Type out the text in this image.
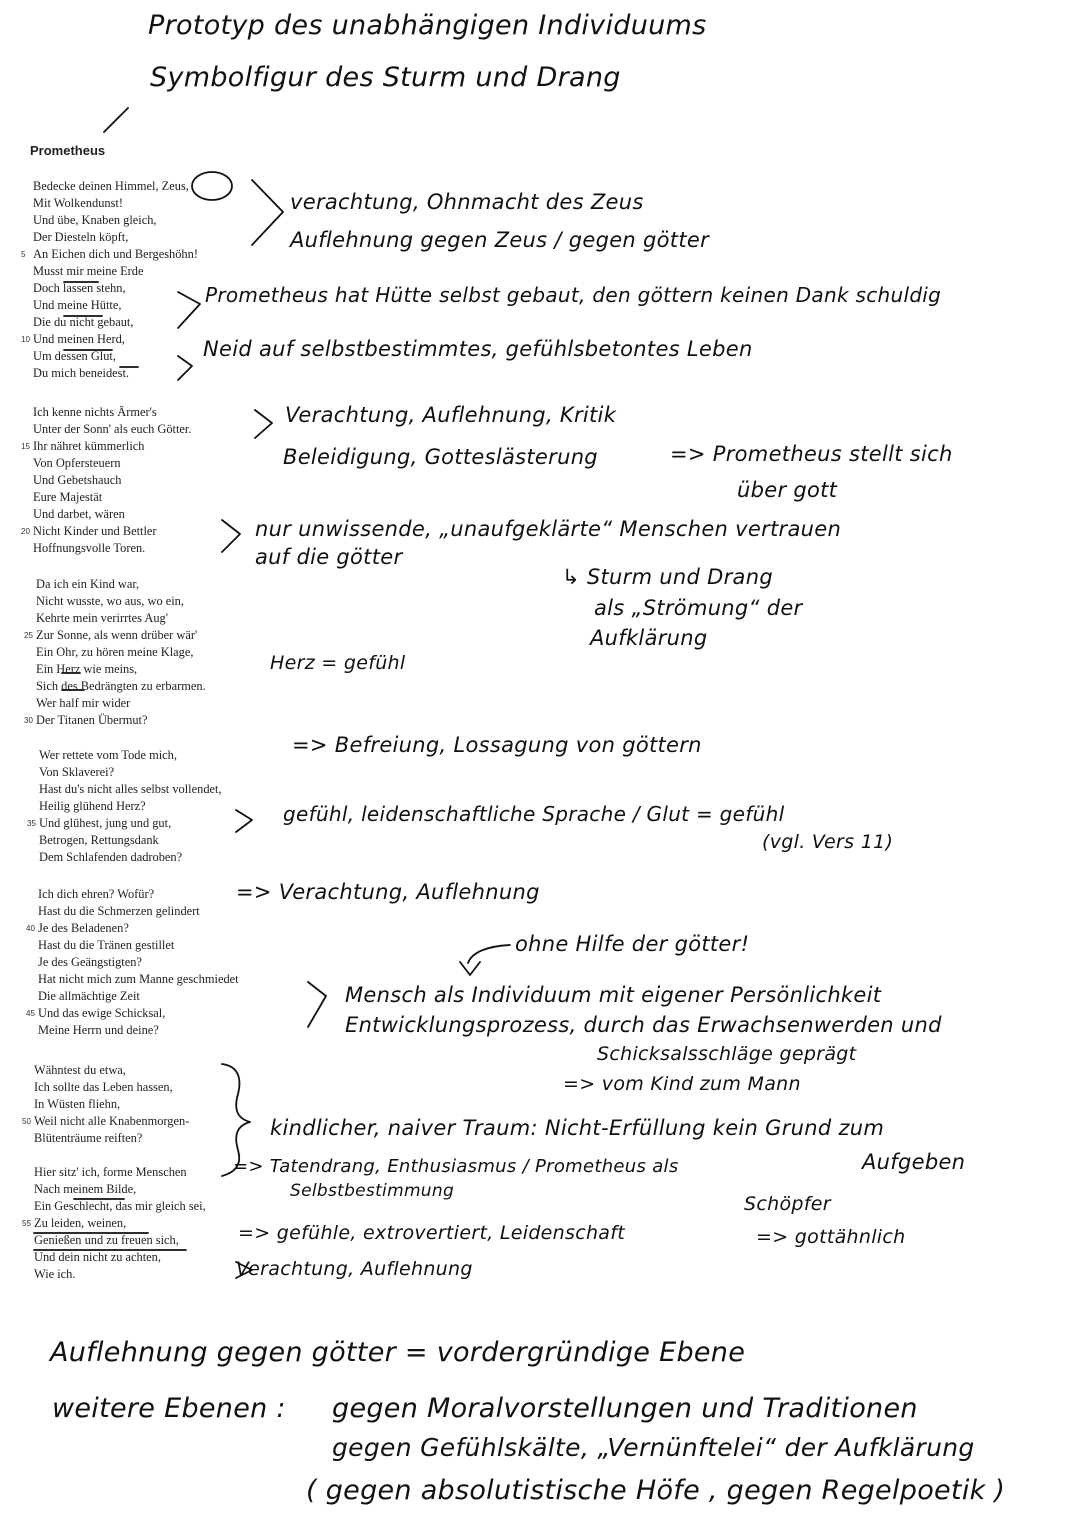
Prototyp des unabhängigen Individuums
Symbolfigur des Sturm und Drang
Prometheus
Bedecke deinen Himmel, Zeus,
Mit Wolkendunst!
Und übe, Knaben gleich,
Der Diesteln köpft,
5 An Eichen dich und Bergeshöhn!
Musst mir meine Erde
Doch lassen stehn,
Und meine Hütte,
Die du nicht gebaut,
10 Und meinen Herd,
Um dessen Glut,
Du mich beneidest.
Ich kenne nichts Ärmer's
Unter der Sonn' als euch Götter.
15 Ihr nähret kümmerlich
Von Opfersteuern
Und Gebetshauch
Eure Majestät
Und darbet, wären
20 Nicht Kinder und Bettler
Hoffnungsvolle Toren.
Da ich ein Kind war,
Nicht wusste, wo aus, wo ein,
Kehrte mein verirrtes Aug'
25 Zur Sonne, als wenn drüber wär'
Ein Ohr, zu hören meine Klage,
Ein Herz wie meins,
Sich des Bedrängten zu erbarmen.
Wer half mir wider
30 Der Titanen Übermut?
Wer rettete vom Tode mich,
Von Sklaverei?
Hast du's nicht alles selbst vollendet,
Heilig glühend Herz?
35 Und glühest, jung und gut,
Betrogen, Rettungsdank
Dem Schlafenden dadroben?
Ich dich ehren? Wofür?
Hast du die Schmerzen gelindert
40 Je des Beladenen?
Hast du die Tränen gestillet
Je des Geängstigten?
Hat nicht mich zum Manne geschmiedet
Die allmächtige Zeit
45 Und das ewige Schicksal,
Meine Herrn und deine?
Wähntest du etwa,
Ich sollte das Leben hassen,
In Wüsten fliehn,
50 Weil nicht alle Knabenmorgen-
Blütenträume reiften?
Hier sitz' ich, forme Menschen
Nach meinem Bilde,
Ein Geschlecht, das mir gleich sei,
55 Zu leiden, weinen,
Genießen und zu freuen sich,
Und dein nicht zu achten,
Wie ich.
verachtung, Ohnmacht des Zeus
Auflehnung gegen Zeus / gegen götter
Prometheus hat Hütte selbst gebaut, den göttern keinen Dank schuldig
Neid auf selbstbestimmtes, gefühlsbetontes Leben
Verachtung, Auflehnung, Kritik
Beleidigung, Gotteslästerung	=> Prometheus stellt sich
über gott
nur unwissende, „unaufgeklärte“ Menschen vertrauen
auf die götter
↳ Sturm und Drang
als „Strömung“ der
Aufklärung
Herz = gefühl
=> Befreiung, Lossagung von göttern
gefühl, leidenschaftliche Sprache / Glut = gefühl
(vgl. Vers 11)
=> Verachtung, Auflehnung
ohne Hilfe der götter!
Mensch als Individuum mit eigener Persönlichkeit
Entwicklungsprozess, durch das Erwachsenwerden und
Schicksalsschläge geprägt
=> vom Kind zum Mann
kindlicher, naiver Traum: Nicht-Erfüllung kein Grund zum
Aufgeben
=> Tatendrang, Enthusiasmus / Prometheus als
Selbstbestimmung
Schöpfer
=> gottähnlich
=> gefühle, extrovertiert, Leidenschaft
Verachtung, Auflehnung
Auflehnung gegen götter = vordergründige Ebene
weitere Ebenen : gegen Moralvorstellungen und Traditionen
gegen Gefühlskälte, „Vernünftelei“ der Aufklärung
( gegen absolutistische Höfe , gegen Regelpoetik )
